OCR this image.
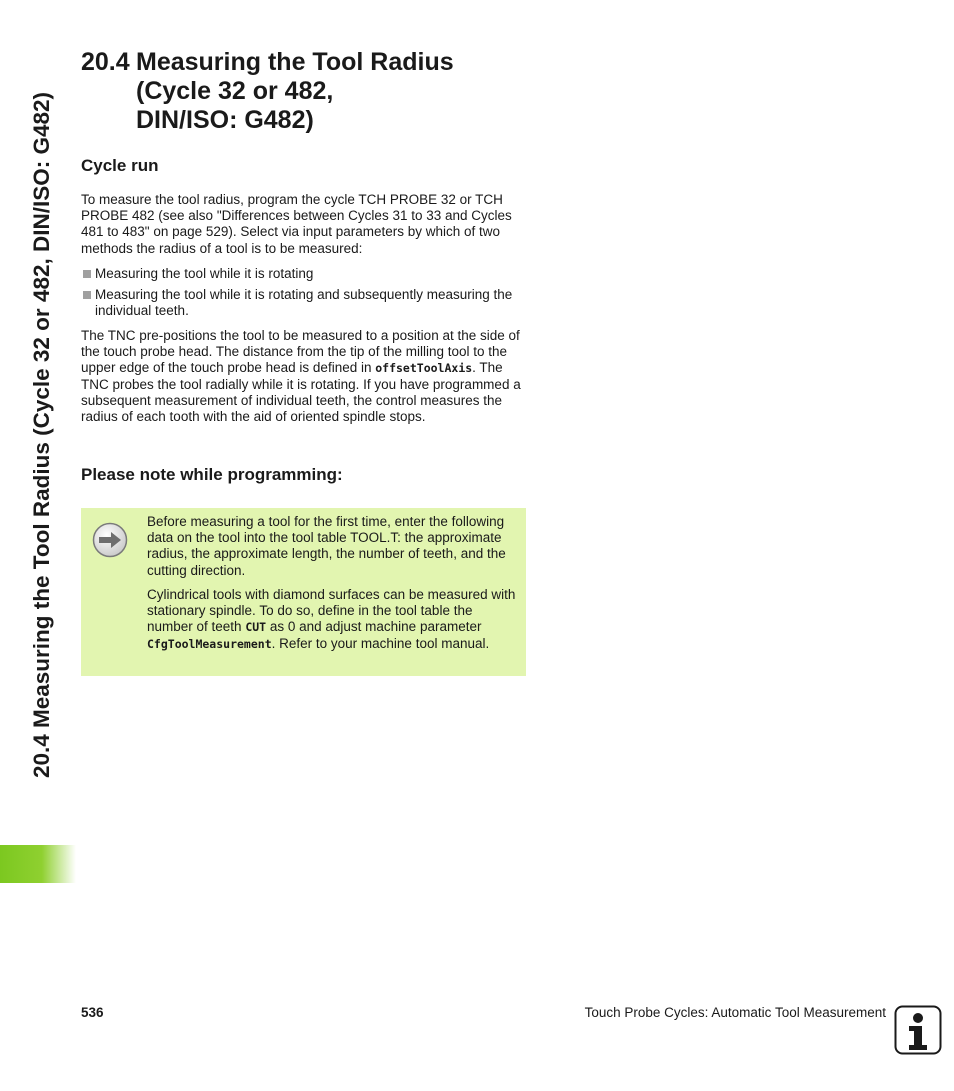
20.4 Measuring the Tool Radius (Cycle 32 or 482, DIN/ISO: G482)
20.4 Measuring the Tool Radius
(Cycle 32 or 482,
DIN/ISO: G482)
Cycle run

To measure the tool radius, program the cycle TCH PROBE 32 or TCH PROBE 482 (see also "Differences between Cycles 31 to 33 and Cycles 481 to 483" on page 529). Select via input parameters by which of two methods the radius of a tool is to be measured:

Measuring the tool while it is rotating
Measuring the tool while it is rotating and subsequently measuring the individual teeth.

The TNC pre-positions the tool to be measured to a position at the side of the touch probe head. The distance from the tip of the milling tool to the upper edge of the touch probe head is defined in offsetToolAxis. The TNC probes the tool radially while it is rotating. If you have programmed a subsequent measurement of individual teeth, the control measures the radius of each tooth with the aid of oriented spindle stops.

Please note while programming:

Before measuring a tool for the first time, enter the following data on the tool into the tool table TOOL.T: the approximate radius, the approximate length, the number of teeth, and the cutting direction.

Cylindrical tools with diamond surfaces can be measured with stationary spindle. To do so, define in the tool table the number of teeth CUT as 0 and adjust machine parameter CfgToolMeasurement. Refer to your machine tool manual.

536	Touch Probe Cycles: Automatic Tool Measurement
